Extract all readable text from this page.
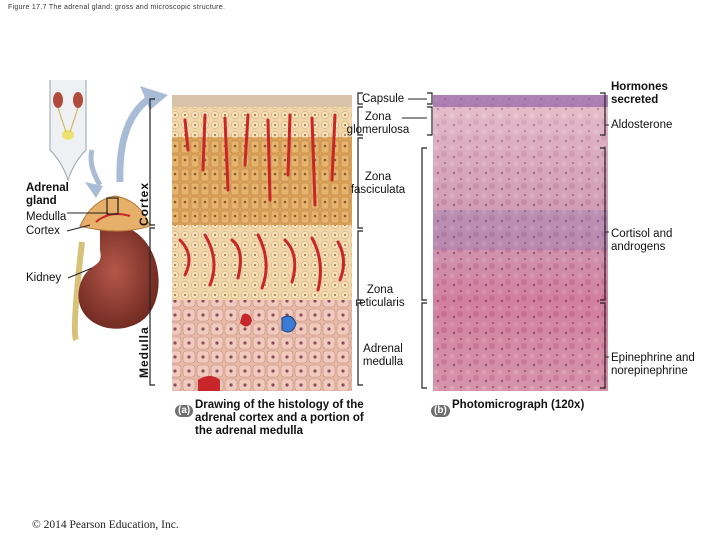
Figure 17.7 The adrenal gland: gross and microscopic structure.
Adrenal gland
Medulla
Cortex
Kidney
Cortex
Medulla
Capsule
Zona glomerulosa
Zona fasciculata
Zona reticularis
Adrenal medulla
Hormones secreted
Aldosterone
Cortisol and androgens
Epinephrine and norepinephrine
(a) Drawing of the histology of the adrenal cortex and a portion of the adrenal medulla
(b) Photomicrograph (120x)
© 2014 Pearson Education, Inc.
